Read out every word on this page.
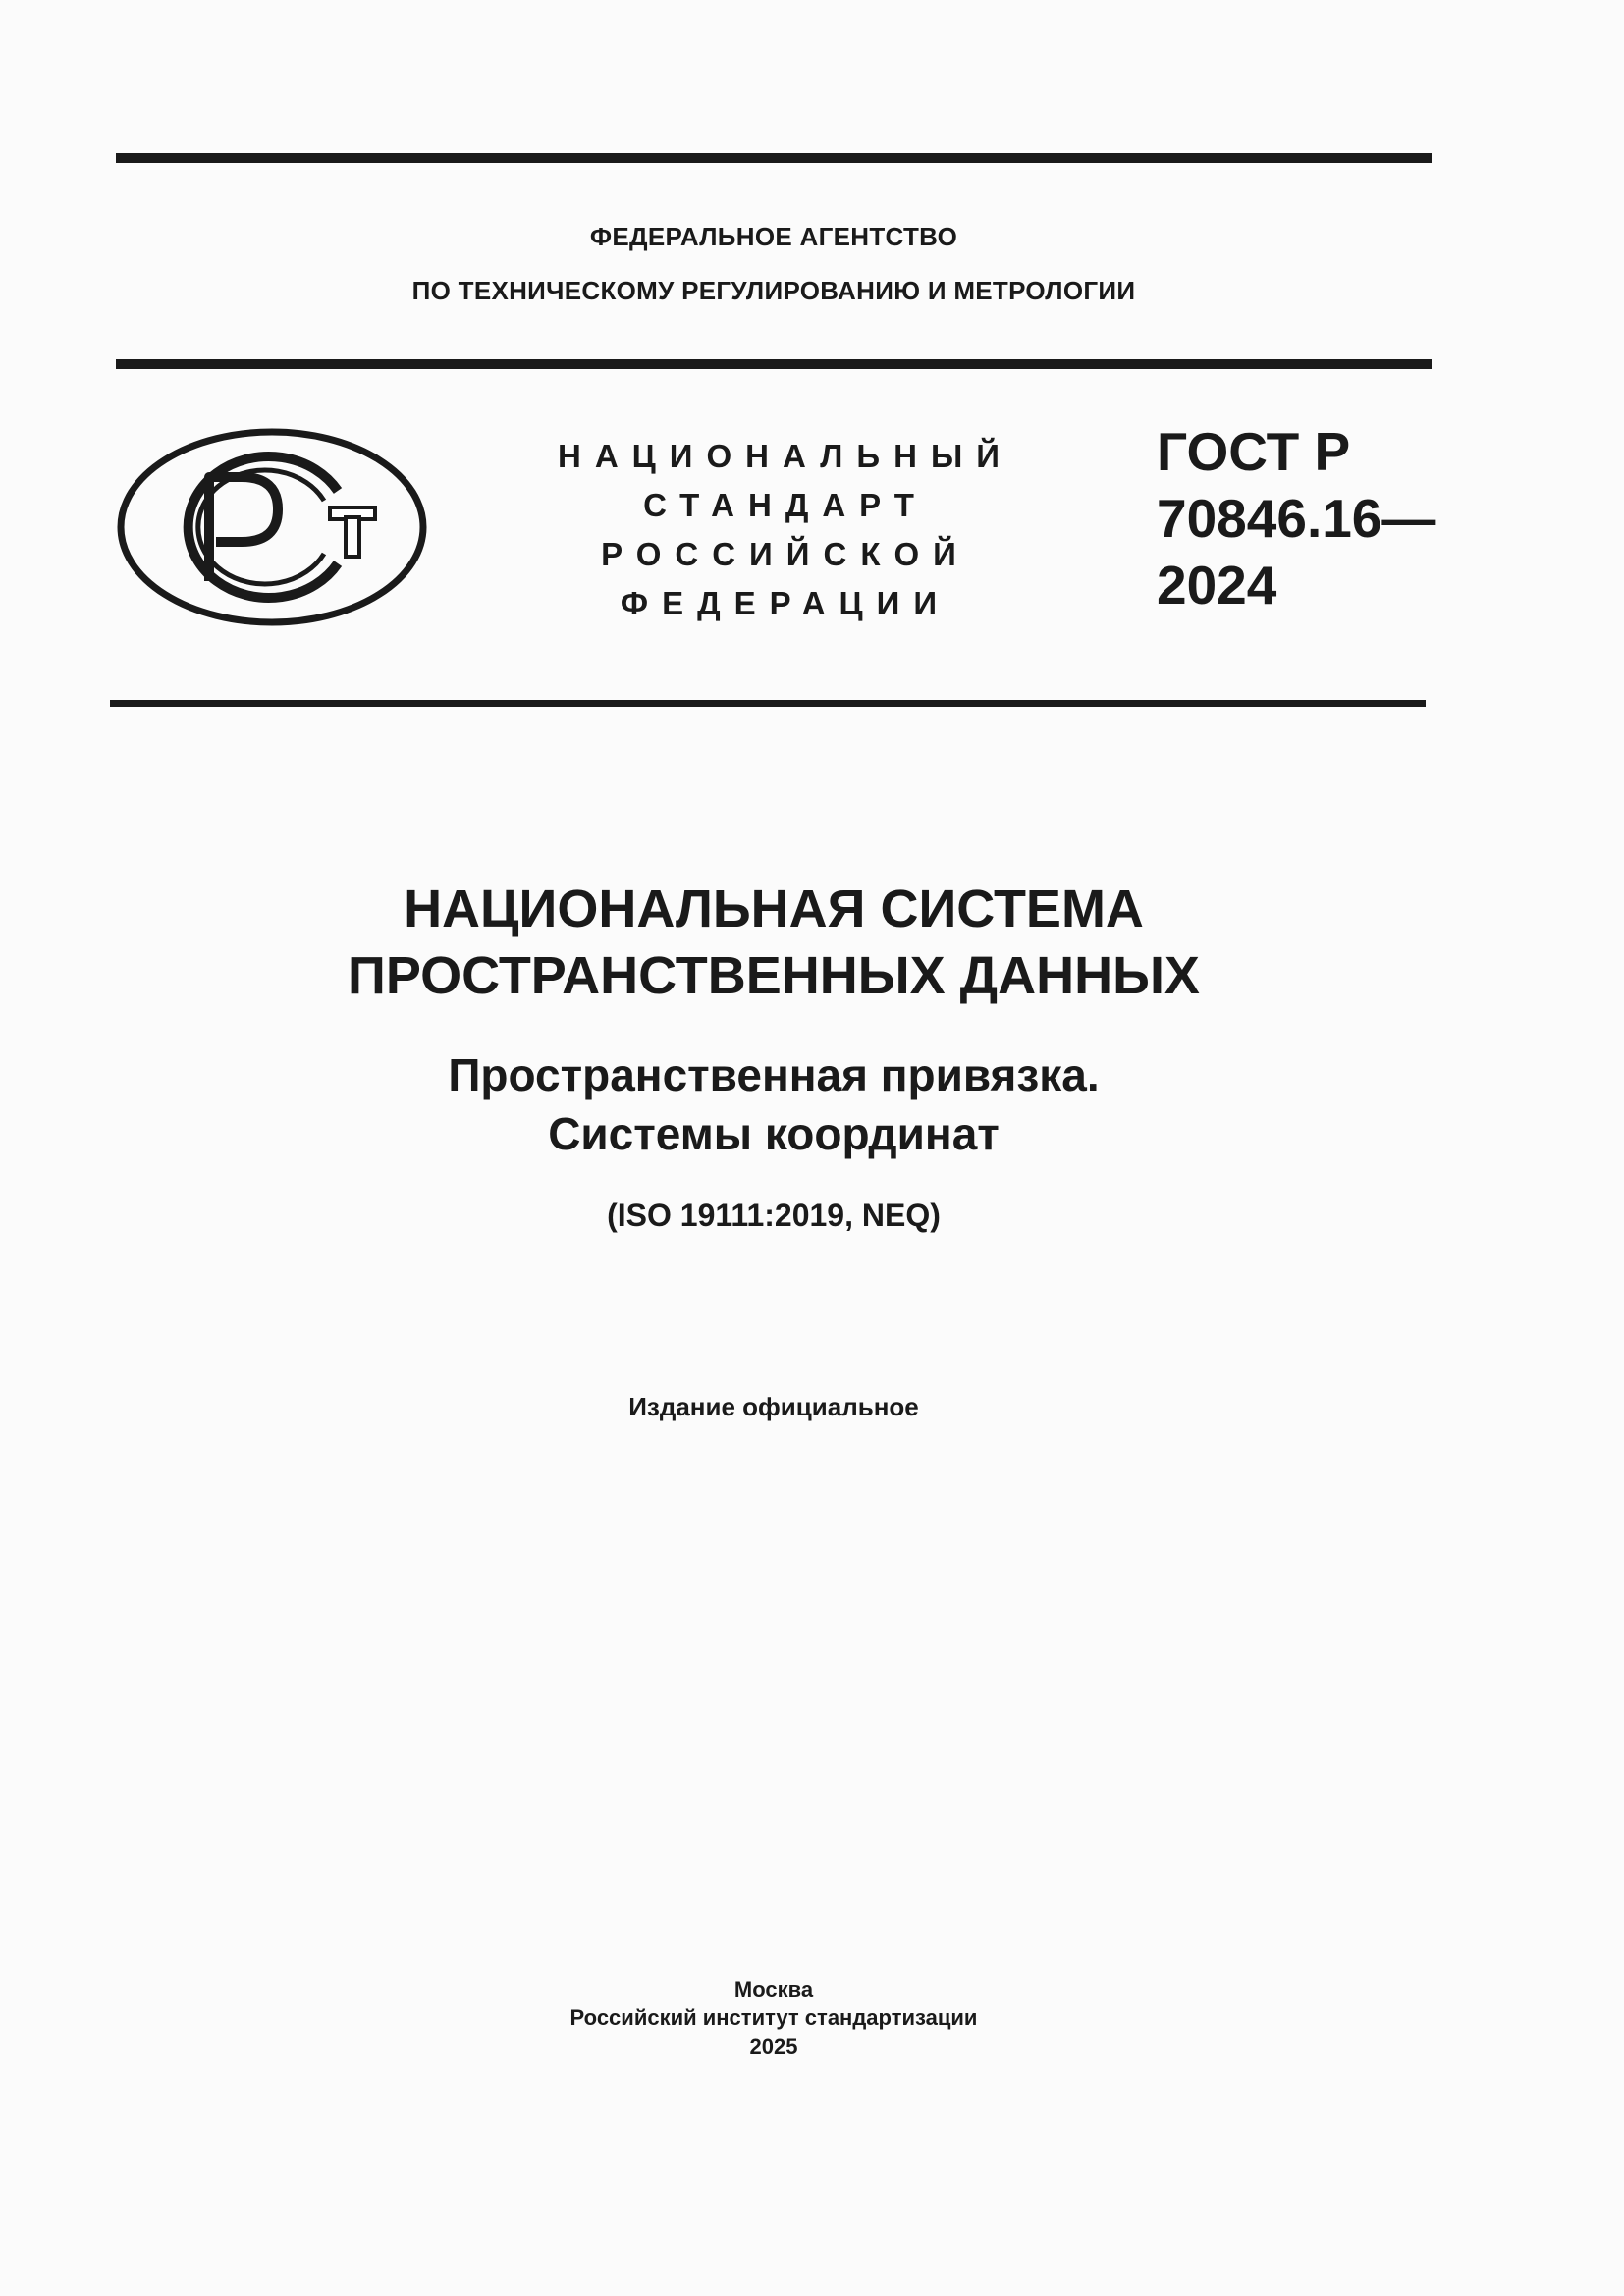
ФЕДЕРАЛЬНОЕ АГЕНТСТВО
ПО ТЕХНИЧЕСКОМУ РЕГУЛИРОВАНИЮ И МЕТРОЛОГИИ
НАЦИОНАЛЬНЫЙ
СТАНДАРТ
РОССИЙСКОЙ
ФЕДЕРАЦИИ
ГОСТ Р
70846.16—
2024
НАЦИОНАЛЬНАЯ СИСТЕМА
ПРОСТРАНСТВЕННЫХ ДАННЫХ
Пространственная привязка.
Системы координат
(ISO 19111:2019, NEQ)
Издание официальное
Москва
Российский институт стандартизации
2025
